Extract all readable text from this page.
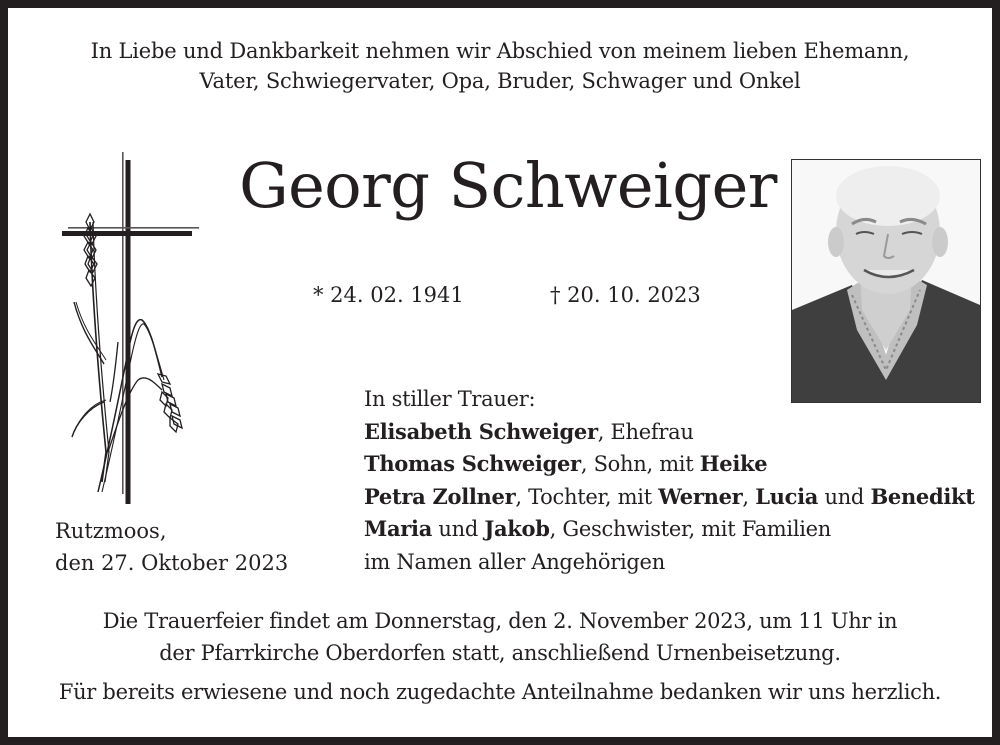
In Liebe und Dankbarkeit nehmen wir Abschied von meinem lieben Ehemann,
Vater, Schwiegervater, Opa, Bruder, Schwager und Onkel
Georg Schweiger
* 24. 02. 1941	† 20. 10. 2023
Rutzmoos,
den 27. Oktober 2023
In stiller Trauer:
Elisabeth Schweiger, Ehefrau
Thomas Schweiger, Sohn, mit Heike
Petra Zollner, Tochter, mit Werner, Lucia und Benedikt
Maria und Jakob, Geschwister, mit Familien
im Namen aller Angehörigen
Die Trauerfeier findet am Donnerstag, den 2. November 2023, um 11 Uhr in
der Pfarrkirche Oberdorfen statt, anschließend Urnenbeisetzung.
Für bereits erwiesene und noch zugedachte Anteilnahme bedanken wir uns herzlich.
